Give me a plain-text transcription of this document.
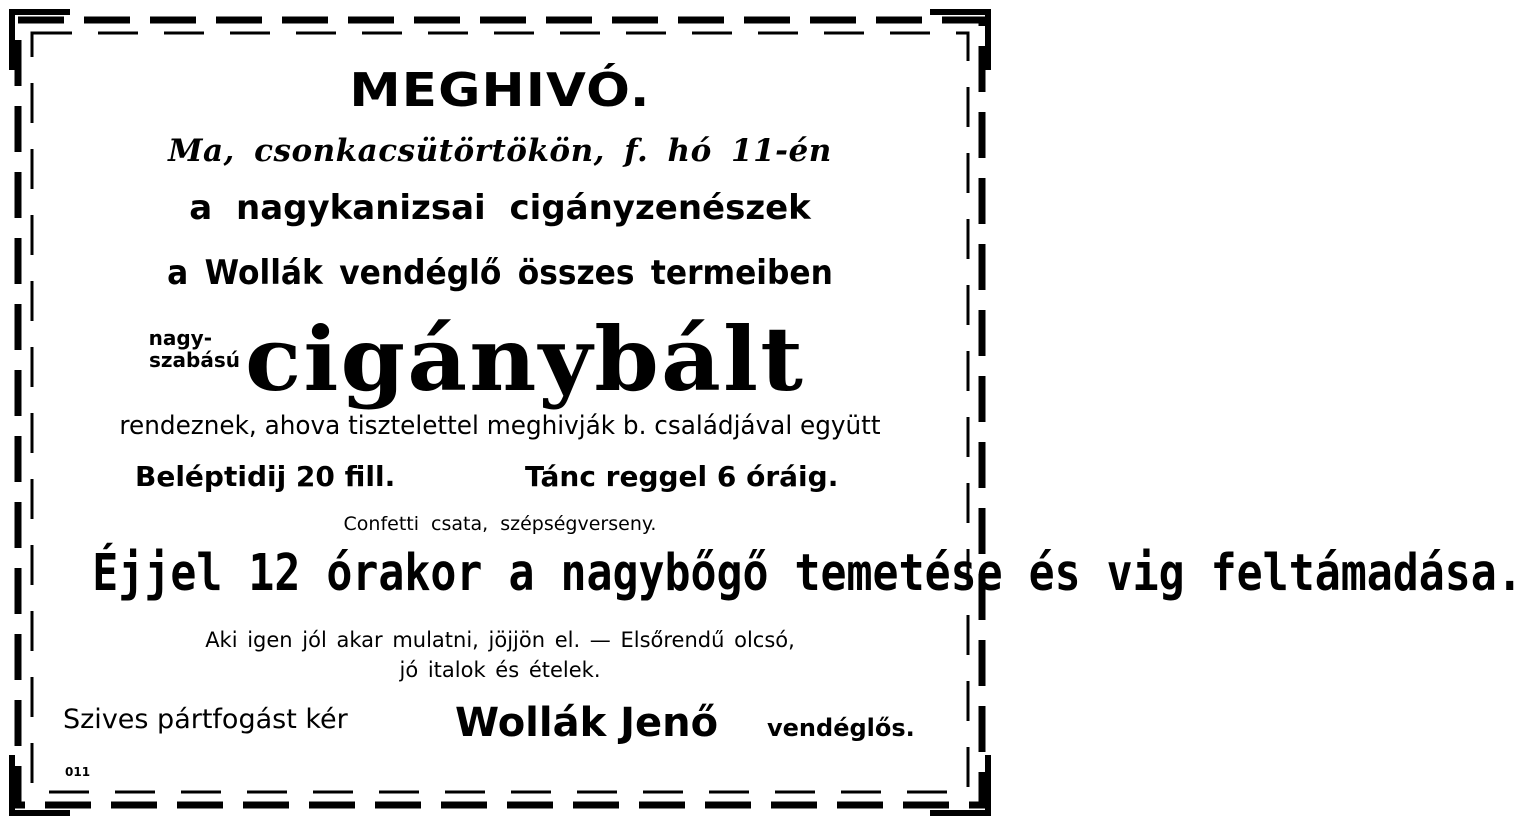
MEGHIVÓ.
Ma, csonkacsütörtökön, f. hó 11-én
a nagykanizsai cigányzenészek
a Wollák vendéglő összes termeiben
nagy-
szabású cigánybált
rendeznek, ahova tisztelettel meghivják b. családjával együtt
Beléptidij 20 fill.	Tánc reggel 6 óráig.
Confetti csata, szépségverseny.
Éjjel 12 órakor a nagybőgő temetése és vig feltámadása.
Aki igen jól akar mulatni, jöjjön el. — Elsőrendű olcsó,
jó italok és ételek.
Szives pártfogást kér	Wollák Jenő vendéglős.
011
